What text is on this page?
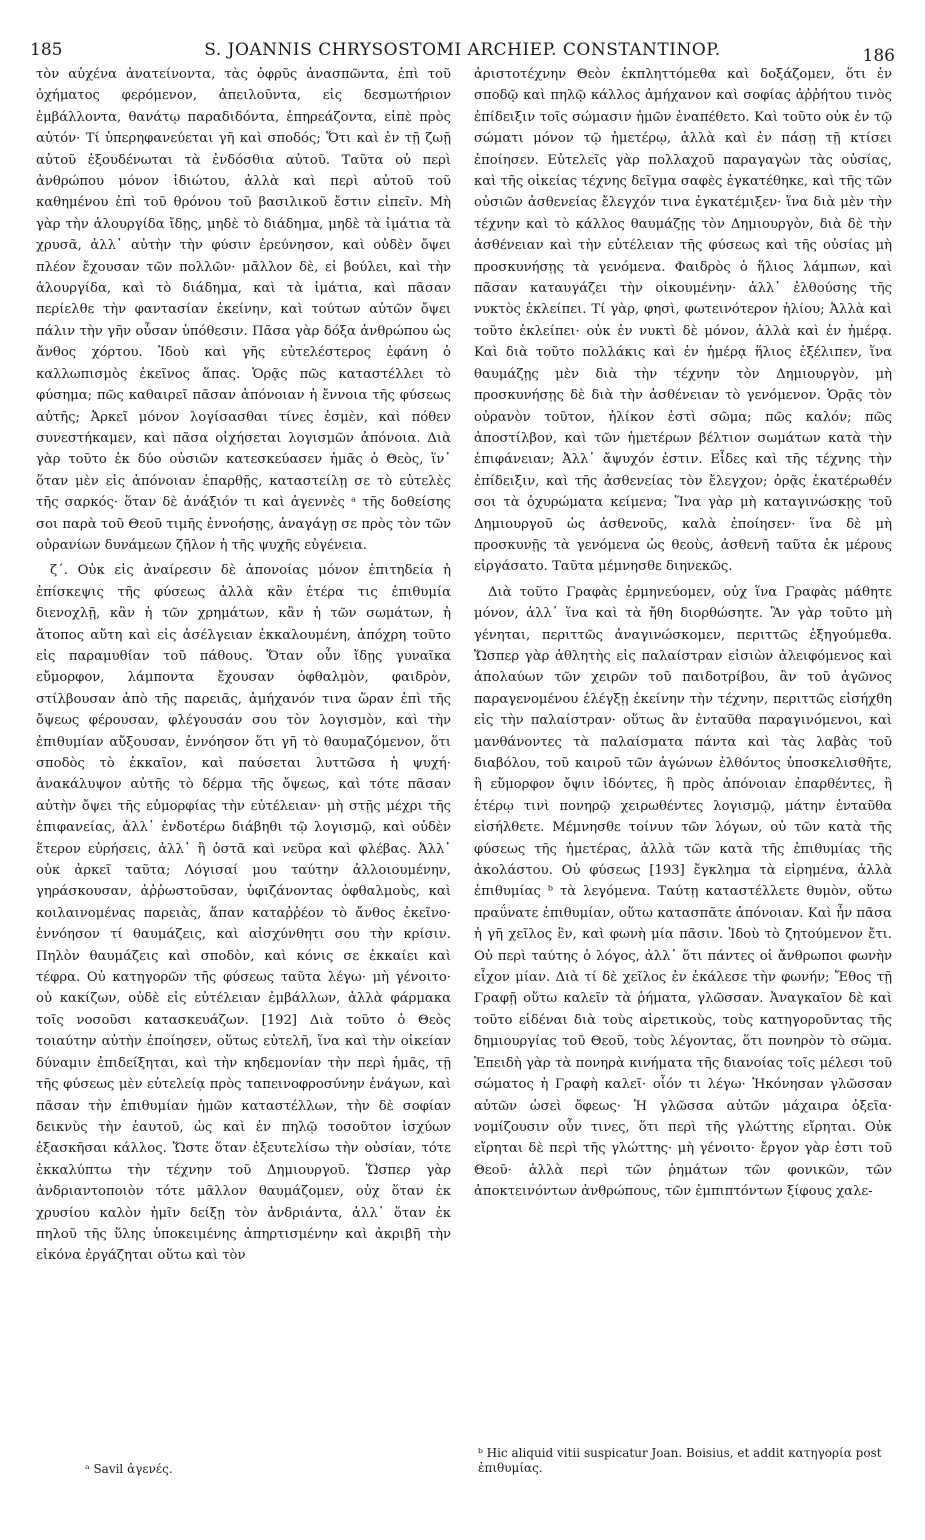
185	S. JOANNIS CHRYSOSTOMI ARCHIEP. CONSTANTINOP.	186

τὸν αὐχένα ἀνατείνοντα, τὰς ὀφρῦς ἀνασπῶντα, ἐπὶ τοῦ ὀχήματος φερόμενον, ἀπειλοῦντα, εἰς δεσμωτήριον ἐμβάλλοντα, θανάτῳ παραδιδόντα, ἐπηρεάζοντα, εἰπὲ πρὸς αὐτόν· Τί ὑπερηφανεύεται γῆ καὶ σποδός; Ὅτι καὶ ἐν τῇ ζωῇ αὐτοῦ ἐξουδένωται τὰ ἐνδόσθια αὐτοῦ. Ταῦτα οὐ περὶ ἀνθρώπου μόνον ἰδιώτου, ἀλλὰ καὶ περὶ αὐτοῦ τοῦ καθημένου ἐπὶ τοῦ θρόνου τοῦ βασιλικοῦ ἔστιν εἰπεῖν. Μὴ γὰρ τὴν ἁλουργίδα ἴδῃς, μηδὲ τὸ διάδημα, μηδὲ τὰ ἱμάτια τὰ χρυσᾶ, ἀλλ᾽ αὐτὴν τὴν φύσιν ἐρεύνησον, καὶ οὐδὲν ὄψει πλέον ἔχουσαν τῶν πολλῶν· μᾶλλον δὲ, εἰ βούλει, καὶ τὴν ἁλουργίδα, καὶ τὸ διάδημα, καὶ τὰ ἱμάτια, καὶ πᾶσαν περίελθε τὴν φαντασίαν ἐκείνην, καὶ τούτων αὐτῶν ὄψει πάλιν τὴν γῆν οὖσαν ὑπόθεσιν. Πᾶσα γὰρ δόξα ἀνθρώπου ὡς ἄνθος χόρτου. Ἰδοὺ καὶ γῆς εὐτελέστερος ἐφάνη ὁ καλλωπισμὸς ἐκεῖνος ἅπας. Ὁρᾷς πῶς καταστέλλει τὸ φύσημα; πῶς καθαιρεῖ πᾶσαν ἀπόνοιαν ἡ ἔννοια τῆς φύσεως αὐτῆς; Ἀρκεῖ μόνον λογίσασθαι τίνες ἐσμὲν, καὶ πόθεν συνεστήκαμεν, καὶ πᾶσα οἰχήσεται λογισμῶν ἀπόνοια. Διὰ γὰρ τοῦτο ἐκ δύο οὐσιῶν κατεσκεύασεν ἡμᾶς ὁ Θεὸς, ἵν᾽ ὅταν μὲν εἰς ἀπόνοιαν ἐπαρθῇς, καταστείλῃ σε τὸ εὐτελὲς τῆς σαρκός· ὅταν δὲ ἀνάξιόν τι καὶ ἀγεννὲς ᵃ τῆς δοθείσης σοι παρὰ τοῦ Θεοῦ τιμῆς ἐννοήσῃς, ἀναγάγῃ σε πρὸς τὸν τῶν οὐρανίων δυνάμεων ζῆλον ἡ τῆς ψυχῆς εὐγένεια.

ζ´. Οὐκ εἰς ἀναίρεσιν δὲ ἀπονοίας μόνον ἐπιτηδεία ἡ ἐπίσκεψις τῆς φύσεως ἀλλὰ κἂν ἑτέρα τις ἐπιθυμία διενοχλῇ, κἂν ἡ τῶν χρημάτων, κἂν ἡ τῶν σωμάτων, ἡ ἄτοπος αὕτη καὶ εἰς ἀσέλγειαν ἐκκαλουμένη, ἀπόχρη τοῦτο εἰς παραμυθίαν τοῦ πάθους. Ὅταν οὖν ἴδῃς γυναῖκα εὔμορφον, λάμποντα ἔχουσαν ὀφθαλμὸν, φαιδρὸν, στίλβουσαν ἀπὸ τῆς παρειᾶς, ἀμήχανόν τινα ὥραν ἐπὶ τῆς ὄψεως φέρουσαν, φλέγουσάν σου τὸν λογισμὸν, καὶ τὴν ἐπιθυμίαν αὔξουσαν, ἐννόησον ὅτι γῆ τὸ θαυμαζόμενον, ὅτι σποδὸς τὸ ἐκκαῖον, καὶ παύσεται λυττῶσα ἡ ψυχή· ἀνακάλυψον αὐτῆς τὸ δέρμα τῆς ὄψεως, καὶ τότε πᾶσαν αὐτὴν ὄψει τῆς εὐμορφίας τὴν εὐτέλειαν· μὴ στῇς μέχρι τῆς ἐπιφανείας, ἀλλ᾽ ἐνδοτέρω διάβηθι τῷ λογισμῷ, καὶ οὐδὲν ἕτερον εὑρήσεις, ἀλλ᾽ ἢ ὀστᾶ καὶ νεῦρα καὶ φλέβας. Ἀλλ᾽ οὐκ ἀρκεῖ ταῦτα; Λόγισαί μου ταύτην ἀλλοιουμένην, γηράσκουσαν, ἀῤῥωστοῦσαν, ὑφιζάνοντας ὀφθαλμοὺς, καὶ κοιλαινομένας παρειὰς, ἅπαν καταῤῥέον τὸ ἄνθος ἐκεῖνο· ἐννόησον τί θαυμάζεις, καὶ αἰσχύνθητι σου τὴν κρίσιν. Πηλὸν θαυμάζεις καὶ σποδὸν, καὶ κόνις σε ἐκκαίει καὶ τέφρα. Οὐ κατηγορῶν τῆς φύσεως ταῦτα λέγω· μὴ γένοιτο· οὐ κακίζων, οὐδὲ εἰς εὐτέλειαν ἐμβάλλων, ἀλλὰ φάρμακα τοῖς νοσοῦσι κατασκευάζων. [192] Διὰ τοῦτο ὁ Θεὸς τοιαύτην αὐτὴν ἐποίησεν, οὕτως εὐτελῆ, ἵνα καὶ τὴν οἰκείαν δύναμιν ἐπιδείξηται, καὶ τὴν κηδεμονίαν τὴν περὶ ἡμᾶς, τῇ τῆς φύσεως μὲν εὐτελείᾳ πρὸς ταπεινοφροσύνην ἐνάγων, καὶ πᾶσαν τὴν ἐπιθυμίαν ἡμῶν καταστέλλων, τὴν δὲ σοφίαν δεικνὺς τὴν ἑαυτοῦ, ὡς καὶ ἐν πηλῷ τοσοῦτον ἰσχύων ἐξασκῆσαι κάλλος. Ὥστε ὅταν ἐξευτελίσω τὴν οὐσίαν, τότε ἐκκαλύπτω τὴν τέχνην τοῦ Δημιουργοῦ. Ὥσπερ γὰρ ἀνδριαντοποιὸν τότε μᾶλλον θαυμάζομεν, οὐχ ὅταν ἐκ χρυσίου καλὸν ἡμῖν δείξῃ τὸν ἀνδριάντα, ἀλλ᾽ ὅταν ἐκ πηλοῦ τῆς ὕλης ὑποκειμένης ἀπηρτισμένην καὶ ἀκριβῆ τὴν εἰκόνα ἐργάζηται οὕτω καὶ τὸν

ἀριστοτέχνην Θεὸν ἐκπληττόμεθα καὶ δοξάζομεν, ὅτι ἐν σποδῷ καὶ πηλῷ κάλλος ἀμήχανον καὶ σοφίας ἀῤῥήτου τινὸς ἐπίδειξιν τοῖς σώμασιν ἡμῶν ἐναπέθετο. Καὶ τοῦτο οὐκ ἐν τῷ σώματι μόνον τῷ ἡμετέρῳ, ἀλλὰ καὶ ἐν πάσῃ τῇ κτίσει ἐποίησεν. Εὐτελεῖς γὰρ πολλαχοῦ παραγαγὼν τὰς οὐσίας, καὶ τῆς οἰκείας τέχνης δεῖγμα σαφὲς ἐγκατέθηκε, καὶ τῆς τῶν οὐσιῶν ἀσθενείας ἔλεγχόν τινα ἐγκατέμιξεν· ἵνα διὰ μὲν τὴν τέχνην καὶ τὸ κάλλος θαυμάζῃς τὸν Δημιουργὸν, διὰ δὲ τὴν ἀσθένειαν καὶ τὴν εὐτέλειαν τῆς φύσεως καὶ τῆς οὐσίας μὴ προσκυνήσῃς τὰ γενόμενα. Φαιδρὸς ὁ ἥλιος λάμπων, καὶ πᾶσαν καταυγάζει τὴν οἰκουμένην· ἀλλ᾽ ἐλθούσης τῆς νυκτὸς ἐκλείπει. Τί γὰρ, φησὶ, φωτεινότερον ἡλίου; Ἀλλὰ καὶ τοῦτο ἐκλείπει· οὐκ ἐν νυκτὶ δὲ μόνον, ἀλλὰ καὶ ἐν ἡμέρᾳ. Καὶ διὰ τοῦτο πολλάκις καὶ ἐν ἡμέρᾳ ἥλιος ἐξέλιπεν, ἵνα θαυμάζῃς μὲν διὰ τὴν τέχνην τὸν Δημιουργὸν, μὴ προσκυνήσῃς δὲ διὰ τὴν ἀσθένειαν τὸ γενόμενον. Ὁρᾷς τὸν οὐρανὸν τοῦτον, ἡλίκον ἐστὶ σῶμα; πῶς καλόν; πῶς ἀποστίλβον, καὶ τῶν ἡμετέρων βέλτιον σωμάτων κατὰ τὴν ἐπιφάνειαν; Ἀλλ᾽ ἄψυχόν ἐστιν. Εἶδες καὶ τῆς τέχνης τὴν ἐπίδειξιν, καὶ τῆς ἀσθενείας τὸν ἔλεγχον; ὁρᾷς ἑκατέρωθέν σοι τὰ ὀχυρώματα κείμενα; Ἵνα γὰρ μὴ καταγινώσκῃς τοῦ Δημιουργοῦ ὡς ἀσθενοῦς, καλὰ ἐποίησεν· ἵνα δὲ μὴ προσκυνῇς τὰ γενόμενα ὡς θεοὺς, ἀσθενῆ ταῦτα ἐκ μέρους εἰργάσατο. Ταῦτα μέμνησθε διηνεκῶς.

Διὰ τοῦτο Γραφὰς ἑρμηνεύομεν, οὐχ ἵνα Γραφὰς μάθητε μόνον, ἀλλ᾽ ἵνα καὶ τὰ ἤθη διορθώσητε. Ἂν γὰρ τοῦτο μὴ γένηται, περιττῶς ἀναγινώσκομεν, περιττῶς ἐξηγούμεθα. Ὥσπερ γὰρ ἀθλητὴς εἰς παλαίστραν εἰσιὼν ἀλειφόμενος καὶ ἀπολαύων τῶν χειρῶν τοῦ παιδοτρίβου, ἂν τοῦ ἀγῶνος παραγενομένου ἐλέγξῃ ἐκείνην τὴν τέχνην, περιττῶς εἰσήχθη εἰς τὴν παλαίστραν· οὕτως ἂν ἐνταῦθα παραγινόμενοι, καὶ μανθάνοντες τὰ παλαίσματα πάντα καὶ τὰς λαβὰς τοῦ διαβόλου, τοῦ καιροῦ τῶν ἀγώνων ἐλθόντος ὑποσκελισθῆτε, ἢ εὔμορφον ὄψιν ἰδόντες, ἢ πρὸς ἀπόνοιαν ἐπαρθέντες, ἢ ἑτέρῳ τινὶ πονηρῷ χειρωθέντες λογισμῷ, μάτην ἐνταῦθα εἰσήλθετε. Μέμνησθε τοίνυν τῶν λόγων, οὐ τῶν κατὰ τῆς φύσεως τῆς ἡμετέρας, ἀλλὰ τῶν κατὰ τῆς ἐπιθυμίας τῆς ἀκολάστου. Οὐ φύσεως [193] ἔγκλημα τὰ εἰρημένα, ἀλλὰ ἐπιθυμίας ᵇ τὰ λεγόμενα. Ταύτῃ καταστέλλετε θυμὸν, οὕτω πραΰνατε ἐπιθυμίαν, οὕτω κατασπᾶτε ἀπόνοιαν. Καὶ ἦν πᾶσα ἡ γῆ χεῖλος ἓν, καὶ φωνὴ μία πᾶσιν. Ἰδοὺ τὸ ζητούμενον ἔτι. Οὐ περὶ ταύτης ὁ λόγος, ἀλλ᾽ ὅτι πάντες οἱ ἄνθρωποι φωνὴν εἶχον μίαν. Διὰ τί δὲ χεῖλος ἐν ἐκάλεσε τὴν φωνήν; Ἔθος τῇ Γραφῇ οὕτω καλεῖν τὰ ῥήματα, γλῶσσαν. Ἀναγκαῖον δὲ καὶ τοῦτο εἰδέναι διὰ τοὺς αἱρετικοὺς, τοὺς κατηγοροῦντας τῆς δημιουργίας τοῦ Θεοῦ, τοὺς λέγοντας, ὅτι πονηρὸν τὸ σῶμα. Ἐπειδὴ γὰρ τὰ πονηρὰ κινήματα τῆς διανοίας τοῖς μέλεσι τοῦ σώματος ἡ Γραφὴ καλεῖ· οἷόν τι λέγω· Ἠκόνησαν γλῶσσαν αὐτῶν ὡσεὶ ὄφεως· Ἡ γλῶσσα αὐτῶν μάχαιρα ὀξεῖα· νομίζουσιν οὖν τινες, ὅτι περὶ τῆς γλώττης εἴρηται. Οὐκ εἴρηται δὲ περὶ τῆς γλώττης· μὴ γένοιτο· ἔργον γὰρ ἐστι τοῦ Θεοῦ· ἀλλὰ περὶ τῶν ῥημάτων τῶν φονικῶν, τῶν ἀποκτεινόντων ἀνθρώπους, τῶν ἐμπιπτόντων ξίφους χαλε-

ᵃ Savil ἀγενές.
ᵇ Hic aliquid vitii suspicatur Joan. Boisius, et addit κατηγορία post ἐπιθυμίας.
